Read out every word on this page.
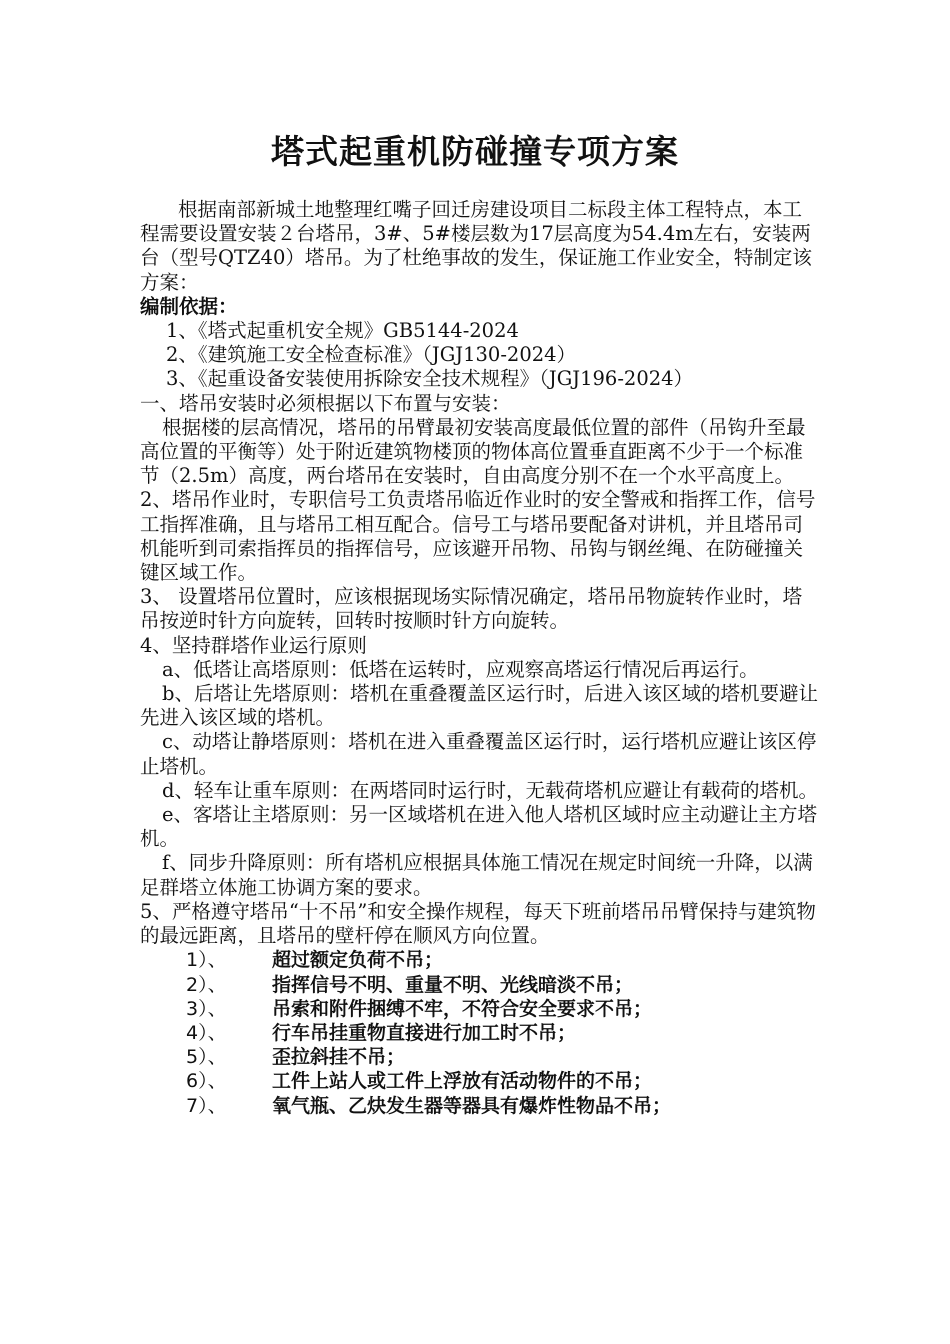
塔式起重机防碰撞专项方案

根据南部新城土地整理红嘴子回迁房建设项目二标段主体工程特点，本工程需要设置安装２台塔吊，3#、5#楼层数为17层高度为54.4m左右，安装两台（型号QTZ40）塔吊。为了杜绝事故的发生，保证施工作业安全，特制定该方案：

编制依据：

1、《塔式起重机安全规》GB5144-2024

2、《建筑施工安全检查标准》（JGJ130-2024）

3、《起重设备安装使用拆除安全技术规程》（JGJ196-2024）

一、塔吊安装时必须根据以下布置与安装：

根据楼的层高情况，塔吊的吊臂最初安装高度最低位置的部件（吊钩升至最高位置的平衡等）处于附近建筑物楼顶的物体高位置垂直距离不少于一个标准节（2.5m）高度，两台塔吊在安装时，自由高度分别不在一个水平高度上。

2、塔吊作业时，专职信号工负责塔吊临近作业时的安全警戒和指挥工作，信号工指挥准确，且与塔吊工相互配合。信号工与塔吊要配备对讲机，并且塔吊司机能听到司索指挥员的指挥信号，应该避开吊物、吊钩与钢丝绳、在防碰撞关键区域工作。

3、 设置塔吊位置时，应该根据现场实际情况确定，塔吊吊物旋转作业时，塔吊按逆时针方向旋转，回转时按顺时针方向旋转。

4、坚持群塔作业运行原则

a、低塔让高塔原则：低塔在运转时，应观察高塔运行情况后再运行。

b、后塔让先塔原则：塔机在重叠覆盖区运行时，后进入该区域的塔机要避让先进入该区域的塔机。

c、动塔让静塔原则：塔机在进入重叠覆盖区运行时，运行塔机应避让该区停止塔机。

d、轻车让重车原则：在两塔同时运行时，无载荷塔机应避让有载荷的塔机。

e、客塔让主塔原则：另一区域塔机在进入他人塔机区域时应主动避让主方塔机。

f、同步升降原则：所有塔机应根据具体施工情况在规定时间统一升降，以满足群塔立体施工协调方案的要求。

5、严格遵守塔吊“十不吊”和安全操作规程，每天下班前塔吊吊臂保持与建筑物的最远距离，且塔吊的壁杆停在顺风方向位置。

1）、	超过额定负荷不吊；
2）、	指挥信号不明、重量不明、光线暗淡不吊；
3）、	吊索和附件捆缚不牢，不符合安全要求不吊；
4）、	行车吊挂重物直接进行加工时不吊；
5）、	歪拉斜挂不吊；
6）、	工件上站人或工件上浮放有活动物件的不吊；
7）、	氧气瓶、乙炔发生器等器具有爆炸性物品不吊；
